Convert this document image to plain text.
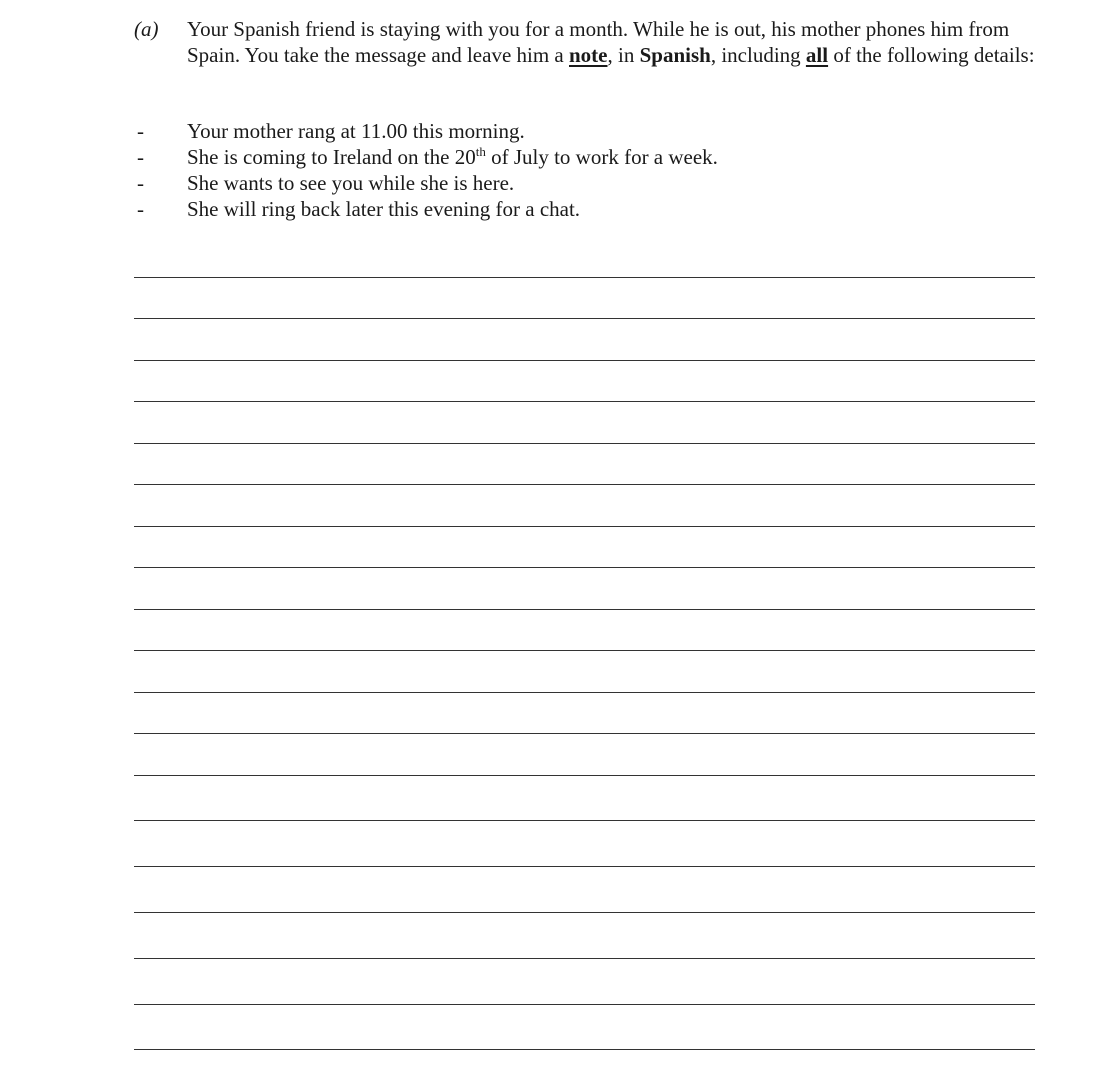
(a) Your Spanish friend is staying with you for a month. While he is out, his mother phones him from Spain. You take the message and leave him a note, in Spanish, including all of the following details:
- Your mother rang at 11.00 this morning.
- She is coming to Ireland on the 20th of July to work for a week.
- She wants to see you while she is here.
- She will ring back later this evening for a chat.
